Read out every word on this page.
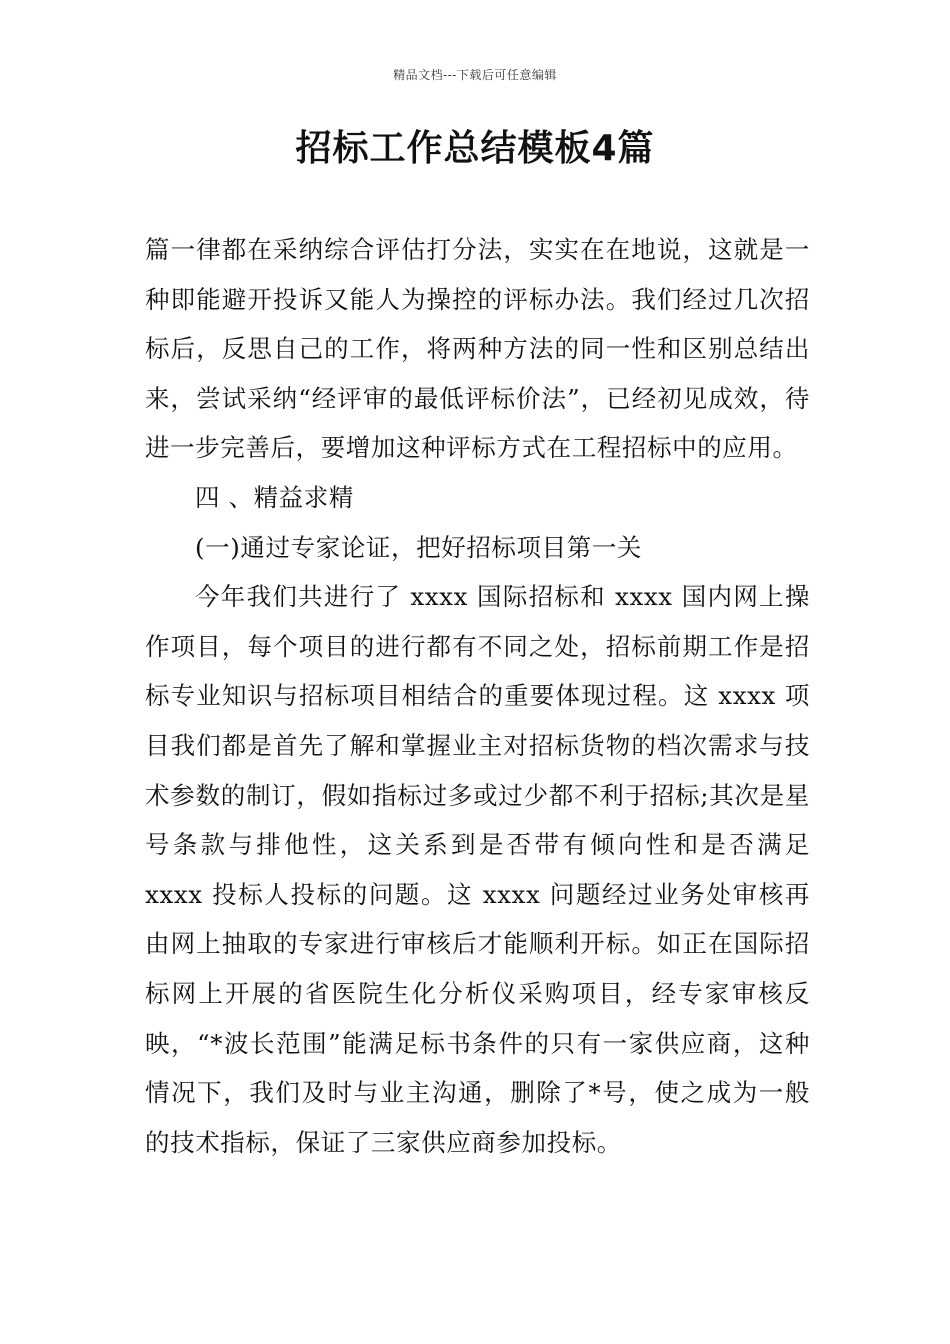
精品文档---下载后可任意编辑
招标工作总结模板4篇

篇一律都在采纳综合评估打分法，实实在在地说，这就是一种即能避开投诉又能人为操控的评标办法。我们经过几次招标后，反思自己的工作，将两种方法的同一性和区别总结出来，尝试采纳“经评审的最低评标价法”，已经初见成效，待进一步完善后，要增加这种评标方式在工程招标中的应用。

四 、精益求精

(一)通过专家论证，把好招标项目第一关

今年我们共进行了 xxxx 国际招标和 xxxx 国内网上操作项目，每个项目的进行都有不同之处，招标前期工作是招标专业知识与招标项目相结合的重要体现过程。这 xxxx 项目我们都是首先了解和掌握业主对招标货物的档次需求与技术参数的制订，假如指标过多或过少都不利于招标;其次是星号条款与排他性，这关系到是否带有倾向性和是否满足 xxxx 投标人投标的问题。这 xxxx 问题经过业务处审核再由网上抽取的专家进行审核后才能顺利开标。如正在国际招标网上开展的省医院生化分析仪采购项目，经专家审核反映，“*波长范围”能满足标书条件的只有一家供应商，这种情况下，我们及时与业主沟通，删除了*号，使之成为一般的技术指标，保证了三家供应商参加投标。
